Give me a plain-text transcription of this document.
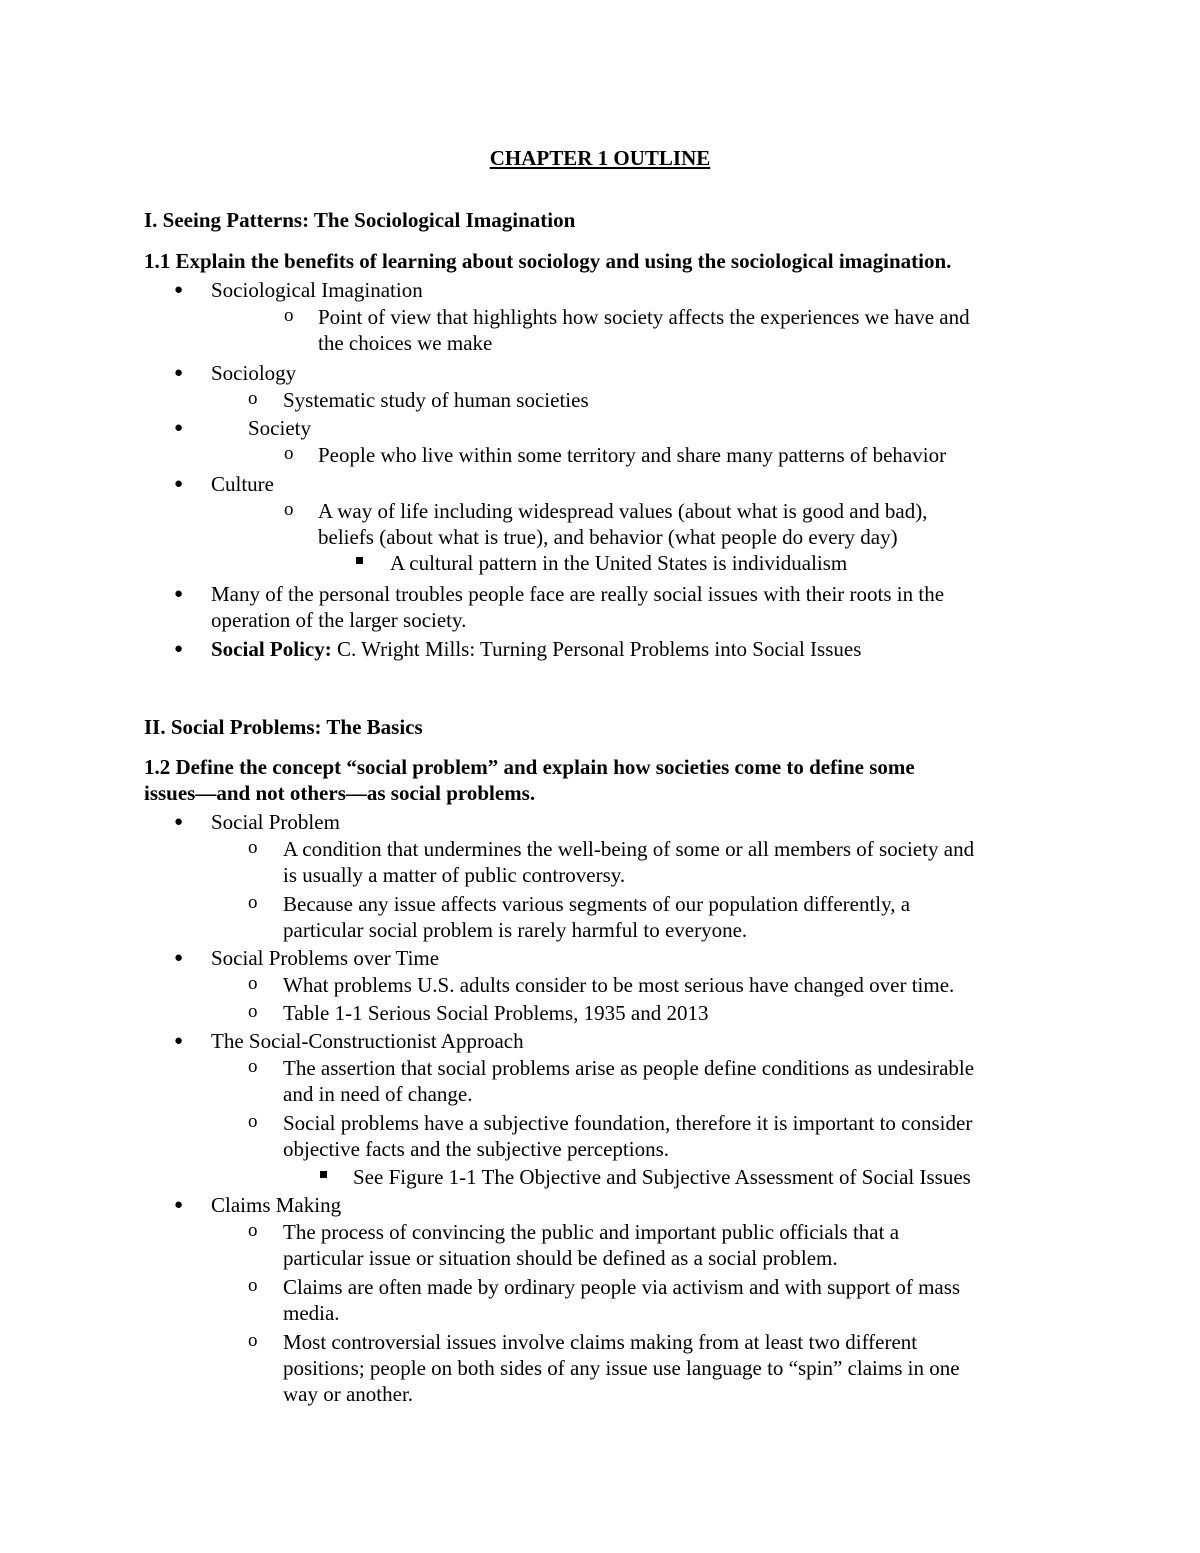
CHAPTER 1 OUTLINE
I. Seeing Patterns: The Sociological Imagination
1.1 Explain the benefits of learning about sociology and using the sociological imagination.
● Sociological Imagination
o Point of view that highlights how society affects the experiences we have and
the choices we make
● Sociology
o Systematic study of human societies
●	Society
o People who live within some territory and share many patterns of behavior
● Culture
o A way of life including widespread values (about what is good and bad),
beliefs (about what is true), and behavior (what people do every day)
A cultural pattern in the United States is individualism
● Many of the personal troubles people face are really social issues with their roots in the
operation of the larger society.
● Social Policy: C. Wright Mills: Turning Personal Problems into Social Issues
II. Social Problems: The Basics
1.2 Define the concept “social problem” and explain how societies come to define some
issues—and not others—as social problems.
● Social Problem
o A condition that undermines the well-being of some or all members of society and
is usually a matter of public controversy.
o Because any issue affects various segments of our population differently, a
particular social problem is rarely harmful to everyone.
● Social Problems over Time
o What problems U.S. adults consider to be most serious have changed over time.
o Table 1-1 Serious Social Problems, 1935 and 2013
● The Social-Constructionist Approach
o The assertion that social problems arise as people define conditions as undesirable
and in need of change.
o Social problems have a subjective foundation, therefore it is important to consider
objective facts and the subjective perceptions.
See Figure 1-1 The Objective and Subjective Assessment of Social Issues
● Claims Making
o The process of convincing the public and important public officials that a
particular issue or situation should be defined as a social problem.
o Claims are often made by ordinary people via activism and with support of mass
media.
o Most controversial issues involve claims making from at least two different
positions; people on both sides of any issue use language to “spin” claims in one
way or another.
